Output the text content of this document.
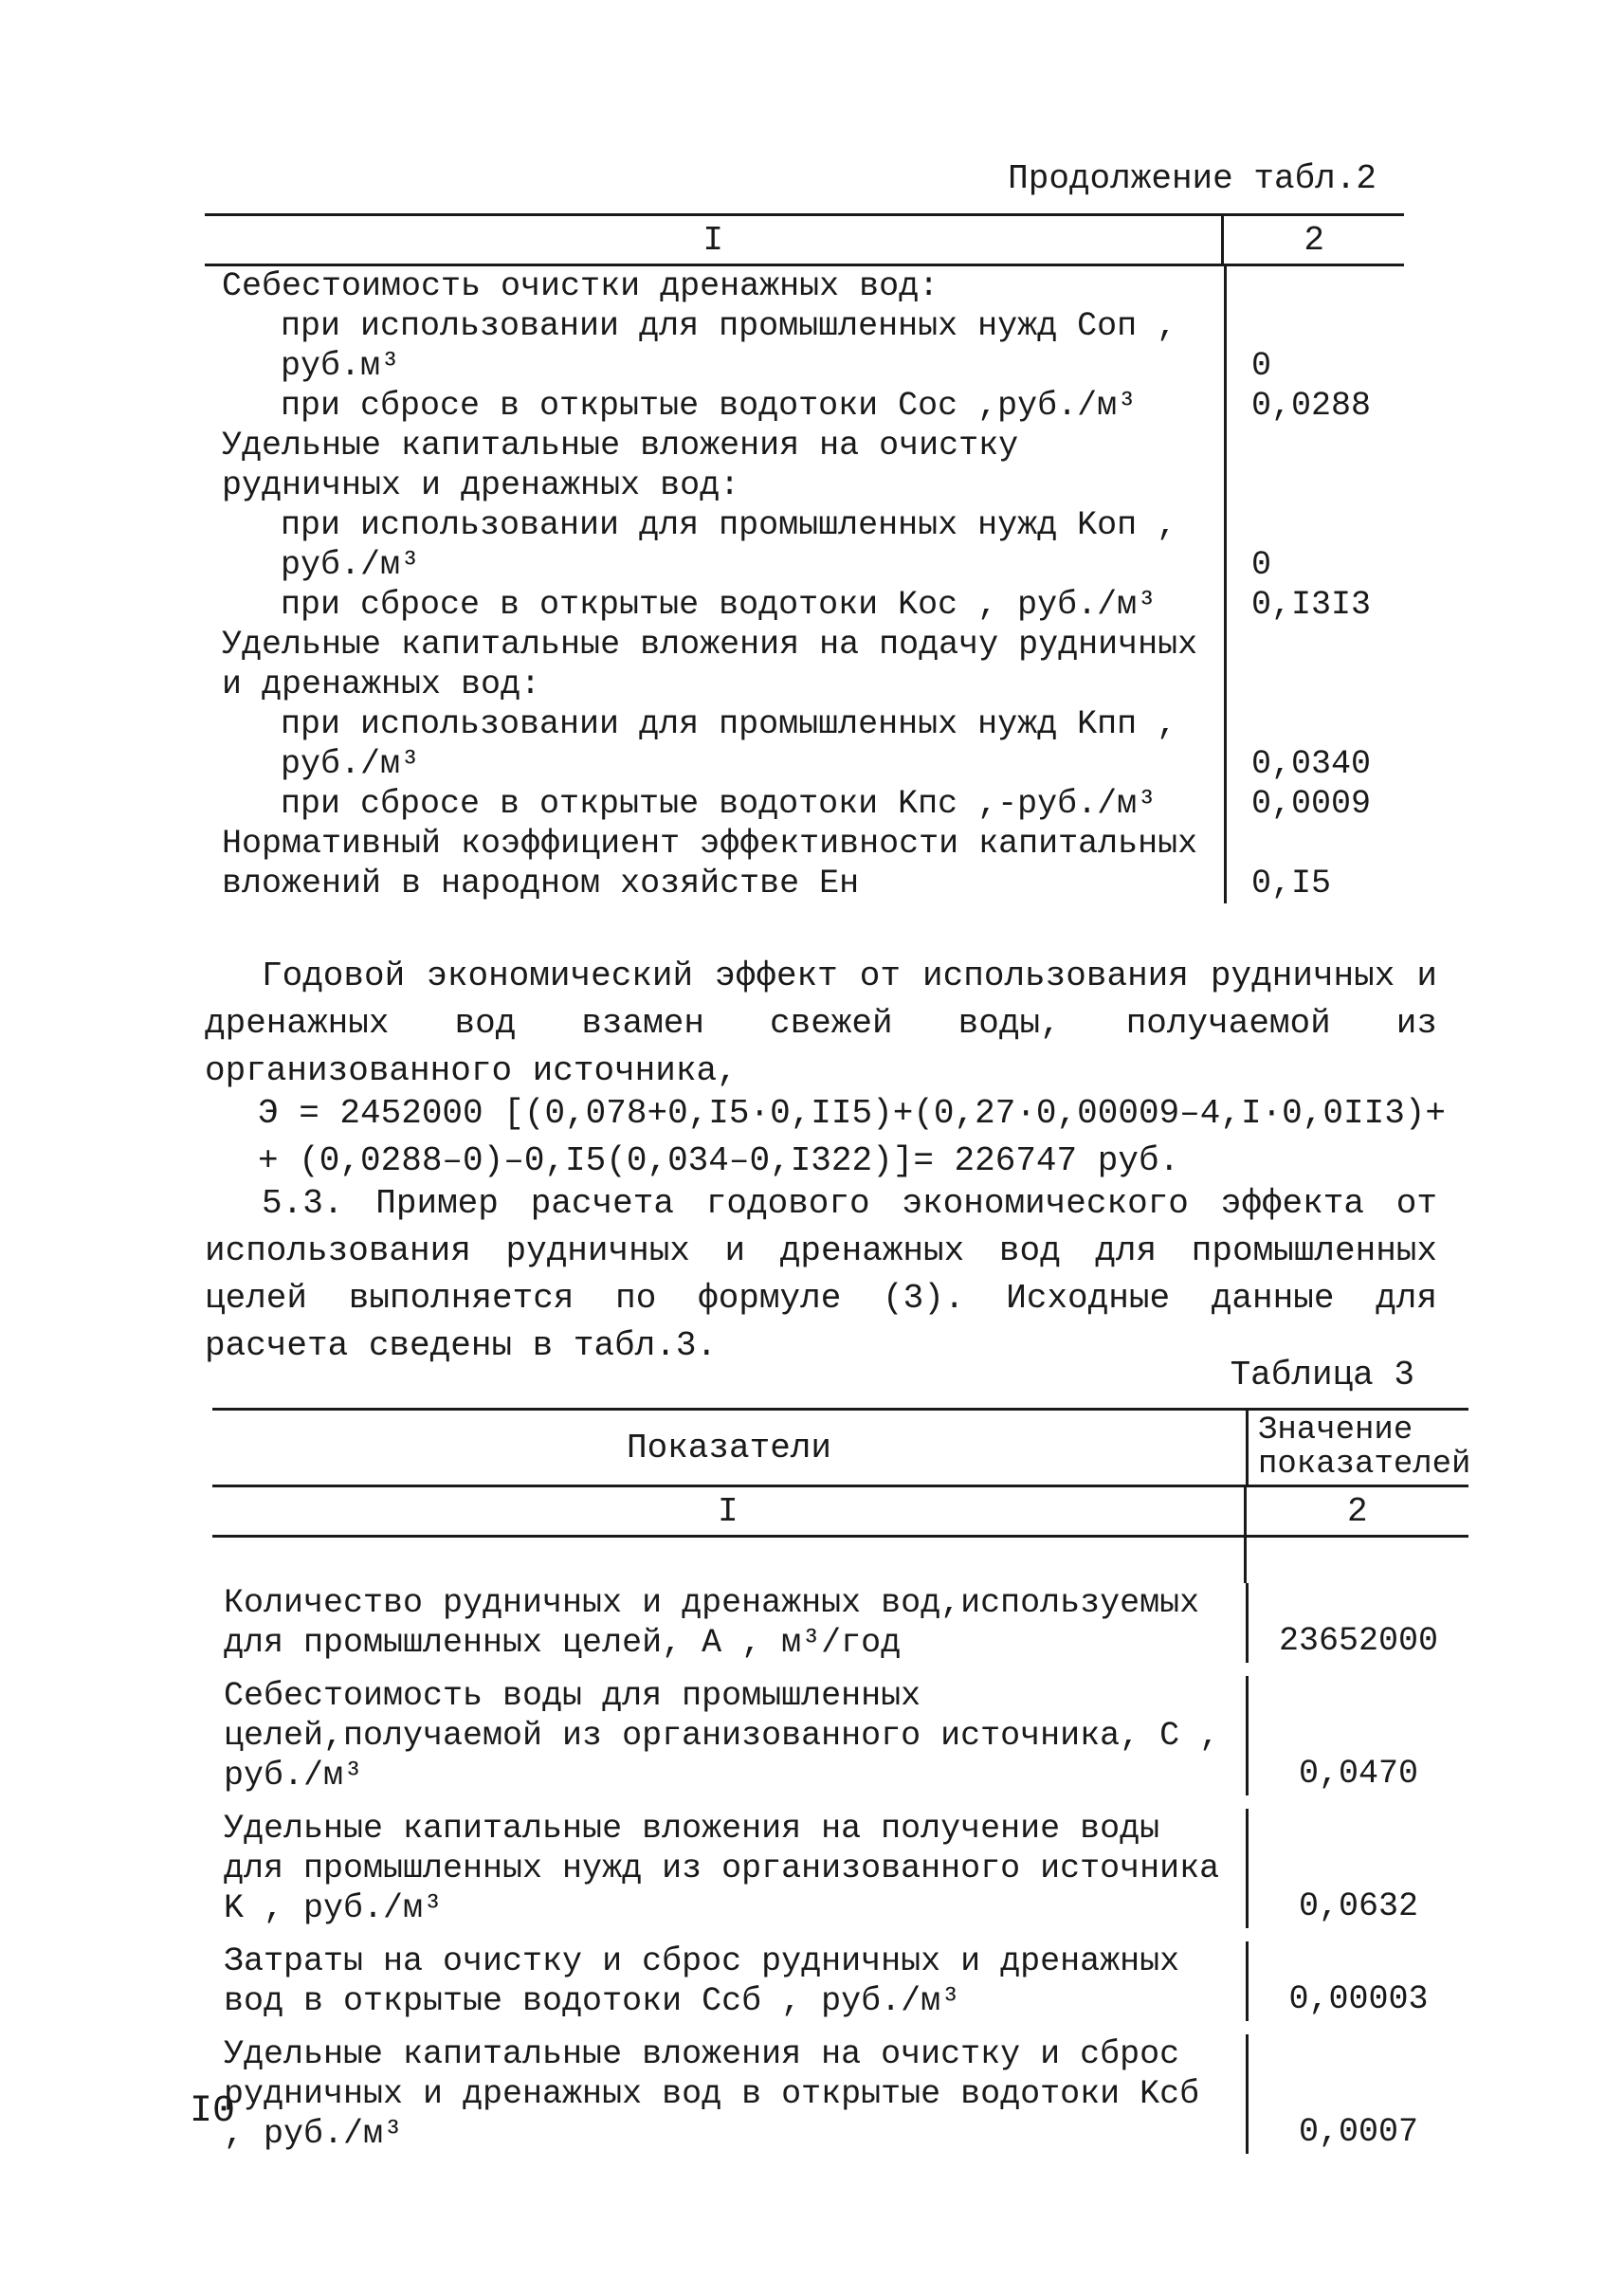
Продолжение табл.2
I	2
Себестоимость очистки дренажных вод:
при использовании для промышленных нужд Cоп , руб.м³	0
при сбросе в открытые водотоки Cос ,руб./м³	0,0288
Удельные капитальные вложения на очистку рудничных и дренажных вод:
при использовании для промышленных нужд Kоп , руб./м³	0
при сбросе в открытые водотоки Kос , руб./м³	0,I3I3
Удельные капитальные вложения на подачу рудничных и дренажных вод:
при использовании для промышленных нужд Kпп , руб./м³	0,0340
при сбросе в открытые водотоки Kпс ,-руб./м³	0,0009
Нормативный коэффициент эффективности капитальных вложений в народном хозяйстве Eн	0,I5
Годовой экономический эффект от использования рудничных и дренажных вод взамен свежей воды, получаемой из организованного источника,
Э = 2452000 [(0,078+0,I5·0,II5)+(0,27·0,00009–4,I·0,0II3)+
+ (0,0288–0)–0,I5(0,034–0,I322)]= 226747 руб.
5.3. Пример расчета годового экономического эффекта от использования рудничных и дренажных вод для промышленных целей выполняется по формуле (3). Исходные данные для расчета сведены в табл.3.
Таблица 3
Показатели	Значение
показателей
I	2
Количество рудничных и дренажных вод,используемых для промышленных целей, A , м³/год	23652000
Себестоимость воды для промышленных целей,получаемой из организованного источника, C , руб./м³	0,0470
Удельные капитальные вложения на получение воды для промышленных нужд из организованного источника K , руб./м³	0,0632
Затраты на очистку и сброс рудничных и дренажных вод в открытые водотоки Cсб , руб./м³	0,00003
Удельные капитальные вложения на очистку и сброс рудничных и дренажных вод в открытые водотоки Kсб , руб./м³	0,0007
I0
